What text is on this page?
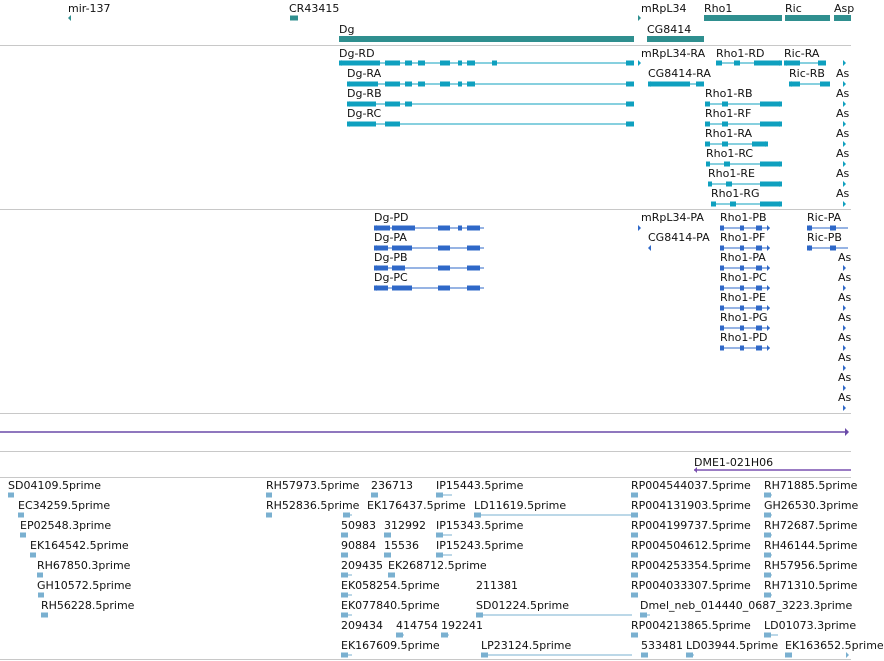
mir-137	CR43415
Dg
mRpL34
CG8414
Rho1	Ric	Asp
Dg-RD
Dg-RA
Dg-RB
Dg-RC
mRpL34-RA
CG8414-RA
Rho1-RD
Rho1-RB
Rho1-RF
Rho1-RA
Rho1-RC
Rho1-RE
Rho1-RG
Ric-RA
Ric-RB As
As
As
As
As
As
As
Dg-PD
Dg-PA
Dg-PB
Dg-PC
mRpL34-PA
CG8414-PA
Rho1-PB
Rho1-PF
Rho1-PA
Rho1-PC
Rho1-PE
Rho1-PG
Rho1-PD
Ric-PA
Ric-PB
As
As
As
As
As
As
As
As
DME1-021H06
SD04109.5prime
EC34259.5prime
EP02548.3prime
EK164542.5prime
RH67850.3prime
GH10572.5prime
RH56228.5prime
RH57973.5prime
RH52836.5prime
236713
EK176437.5prime
IP15443.5prime
LD11619.5prime
50983 312992 IP15343.5prime
90884 15536 IP15243.5prime
209435 EK268712.5prime
EK058254.5prime	211381
EK077840.5prime	SD01224.5prime
209434 414754 192241
EK167609.5prime	LP23124.5prime
RP004544037.5prime
RP004131903.5prime
RP004199737.5prime
RP004504612.5prime
RP004253354.5prime
RP004033307.5prime
Dmel_neb_014440_0687_3223.3prime
RP004213865.5prime
533481 LD03944.5prime
RH71885.5prime
GH26530.3prime
RH72687.5prime
RH46144.5prime
RH57956.5prime
RH71310.5prime
LD01073.3prime
EK163652.5prime
